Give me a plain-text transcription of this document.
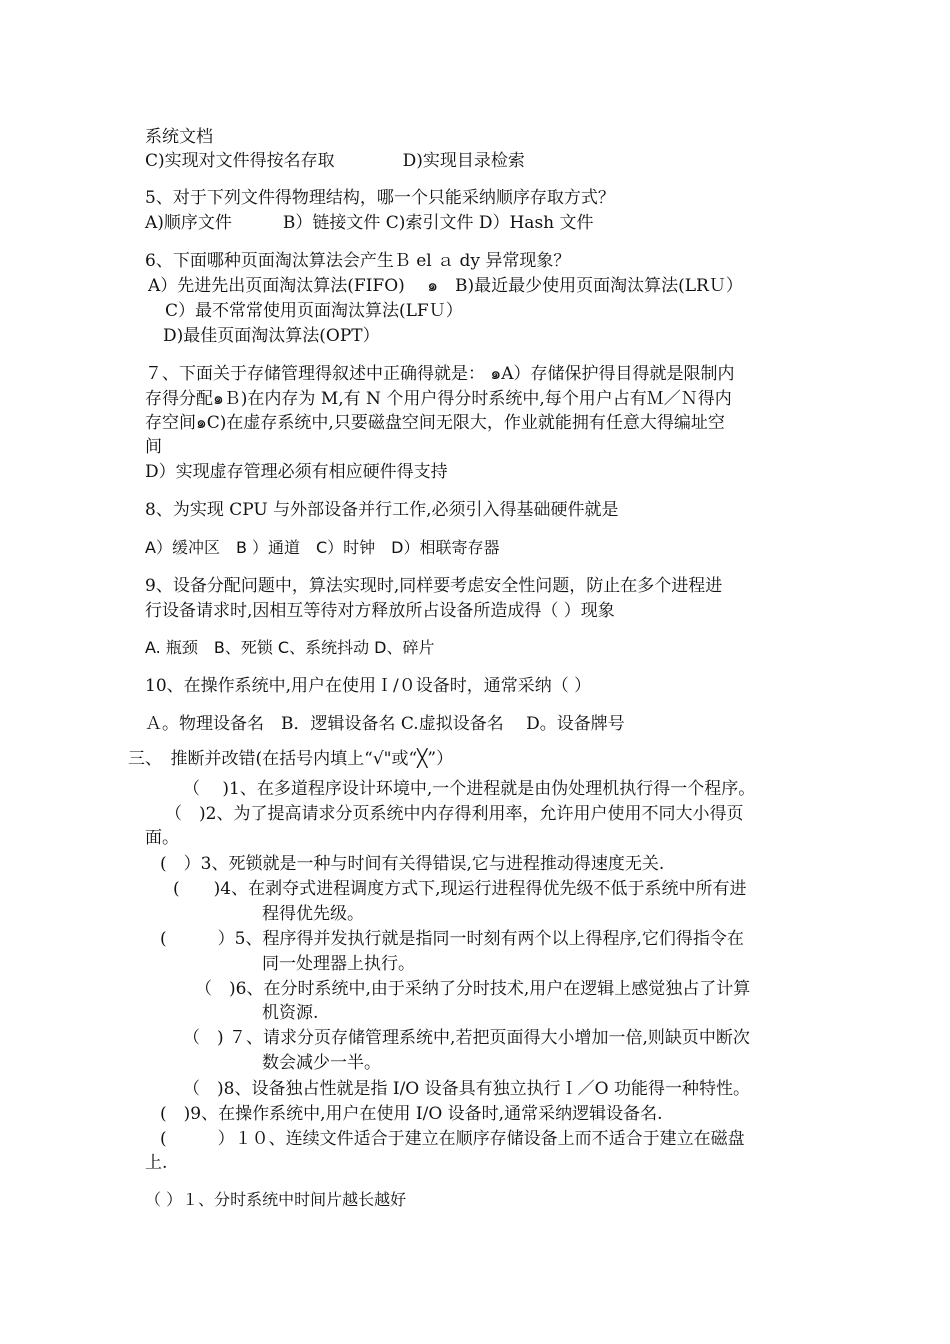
系统文档
C)实现对文件得按名存取　　　　D)实现目录检索
5、对于下列文件得物理结构，哪一个只能采纳顺序存取方式？
A)顺序文件　　　B）链接文件 C)索引文件 D）Hash 文件
6、下面哪种页面淘汰算法会产生Ｂ el ａ dy 异常现象？
A）先进先出页面淘汰算法(FIFO)　 ๑　B)最近最少使用页面淘汰算法(LRＵ）
C）最不常常使用页面淘汰算法(LFＵ）
D)最佳页面淘汰算法(OPT）
７、下面关于存储管理得叙述中正确得就是： ๑A）存储保护得目得就是限制内
存得分配๑Ｂ)在内存为 M,有 N 个用户得分时系统中,每个用户占有Ｍ／Ｎ得内
存空间๑C)在虚存系统中,只要磁盘空间无限大，作业就能拥有任意大得编址空
间
D）实现虚存管理必须有相应硬件得支持
8、为实现 CPU 与外部设备并行工作,必须引入得基础硬件就是
A）缓冲区　B ）通道　C）时钟　D）相联寄存器
9、设备分配问题中，算法实现时,同样要考虑安全性问题，防止在多个进程进
行设备请求时,因相互等待对方释放所占设备所造成得（ ）现象
A. 瓶颈　B、死锁 C、系统抖动 D、碎片
10、在操作系统中,用户在使用Ｉ/０设备时，通常采纳（ ）
Ａ。物理设备名　B．逻辑设备名 C.虚拟设备名　 D。设备牌号
三、　推断并改错(在括号内填上“√"或“╳”）
（　 )1、在多道程序设计环境中,一个进程就是由伪处理机执行得一个程序。
（　)2、为了提高请求分页系统中内存得利用率，允许用户使用不同大小得页
面。
(　）3、死锁就是一种与时间有关得错误,它与进程推动得速度无关.
(　　)4、在剥夺式进程调度方式下,现运行进程得优先级不低于系统中所有进
程得优先级。
(　　　）5、程序得并发执行就是指同一时刻有两个以上得程序,它们得指令在
同一处理器上执行。
（　)6、在分时系统中,由于采纳了分时技术,用户在逻辑上感觉独占了计算
机资源.
（　) ７、请求分页存储管理系统中,若把页面得大小增加一倍,则缺页中断次
数会减少一半。
（　)8、设备独占性就是指 I/O 设备具有独立执行Ｉ／O 功能得一种特性。
(　)9、在操作系统中,用户在使用 I/O 设备时,通常采纳逻辑设备名.
(　　　）１０、连续文件适合于建立在顺序存储设备上而不适合于建立在磁盘
上.
（ ）１、分时系统中时间片越长越好
